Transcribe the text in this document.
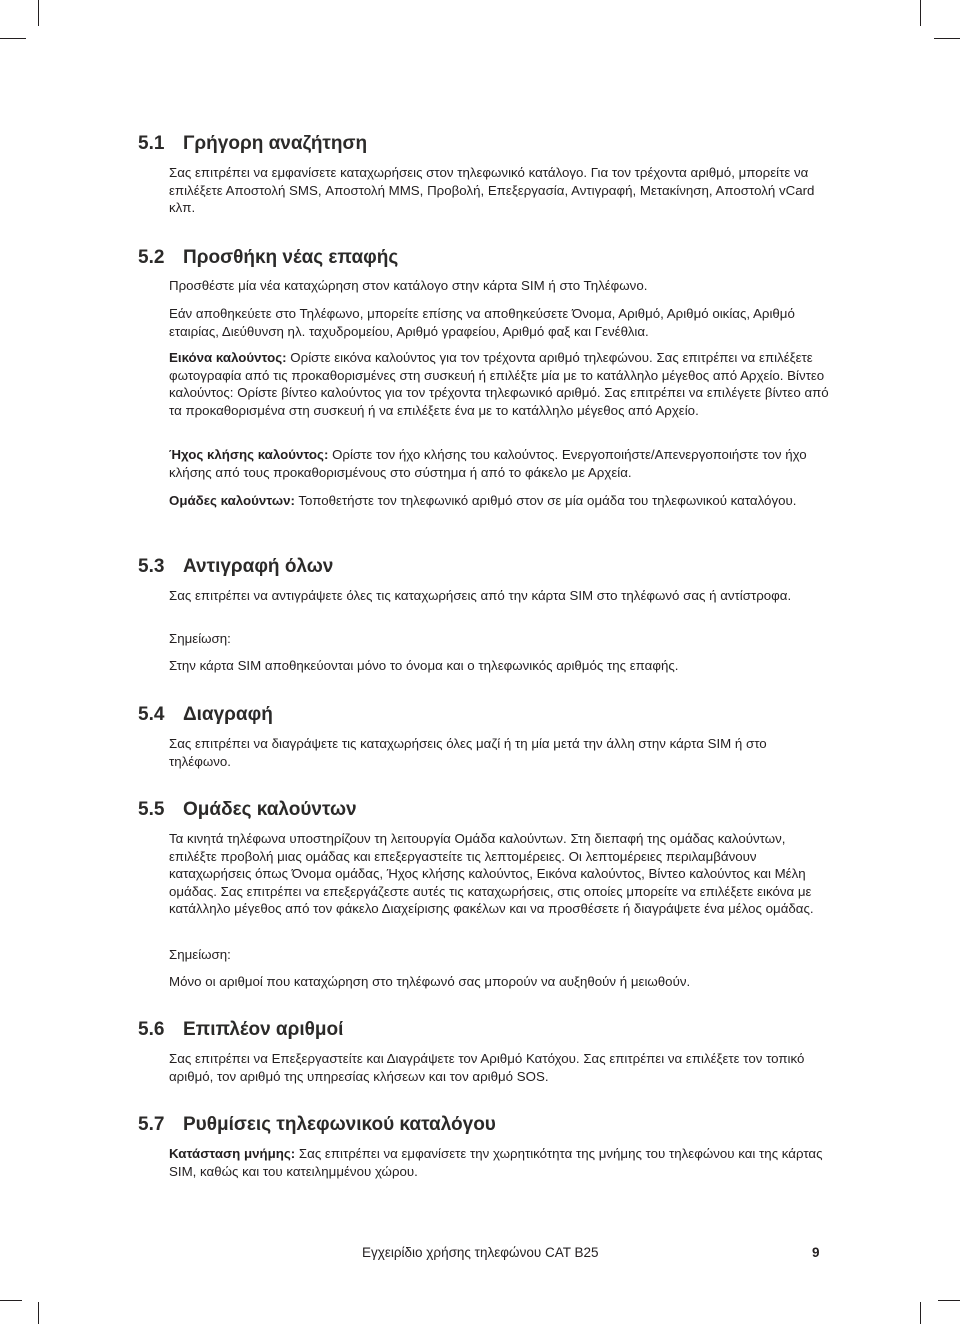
5.1 Γρήγορη αναζήτηση

Σας επιτρέπει να εμφανίσετε καταχωρήσεις στον τηλεφωνικό κατάλογο. Για τον τρέχοντα αριθμό, μπορείτε να επιλέξετε Αποστολή SMS, Αποστολή MMS, Προβολή, Επεξεργασία, Αντιγραφή, Μετακίνηση, Αποστολή vCard κλπ.

5.2 Προσθήκη νέας επαφής

Προσθέστε μία νέα καταχώρηση στον κατάλογο στην κάρτα SIM ή στο Τηλέφωνο.

Εάν αποθηκεύετε στο Τηλέφωνο, μπορείτε επίσης να αποθηκεύσετε Όνομα, Αριθμό, Αριθμό οικίας, Αριθμό εταιρίας, Διεύθυνση ηλ. ταχυδρομείου, Αριθμό γραφείου, Αριθμό φαξ και Γενέθλια.

Εικόνα καλούντος: Ορίστε εικόνα καλούντος για τον τρέχοντα αριθμό τηλεφώνου. Σας επιτρέπει να επιλέξετε φωτογραφία από τις προκαθορισμένες στη συσκευή ή επιλέξτε μία με το κατάλληλο μέγεθος από Αρχείο. Βίντεο καλούντος: Ορίστε βίντεο καλούντος για τον τρέχοντα τηλεφωνικό αριθμό. Σας επιτρέπει να επιλέγετε βίντεο από τα προκαθορισμένα στη συσκευή ή να επιλέξετε ένα με το κατάλληλο μέγεθος από Αρχείο.

Ήχος κλήσης καλούντος: Ορίστε τον ήχο κλήσης του καλούντος. Ενεργοποιήστε/Απενεργοποιήστε τον ήχο κλήσης από τους προκαθορισμένους στο σύστημα ή από το φάκελο με Αρχεία.

Ομάδες καλούντων: Τοποθετήστε τον τηλεφωνικό αριθμό στον σε μία ομάδα του τηλεφωνικού καταλόγου.

5.3 Αντιγραφή όλων

Σας επιτρέπει να αντιγράψετε όλες τις καταχωρήσεις από την κάρτα SIM στο τηλέφωνό σας ή αντίστροφα.

Σημείωση:

Στην κάρτα SIM αποθηκεύονται μόνο το όνομα και ο τηλεφωνικός αριθμός της επαφής.

5.4 Διαγραφή

Σας επιτρέπει να διαγράψετε τις καταχωρήσεις όλες μαζί ή τη μία μετά την άλλη στην κάρτα SIM ή στο τηλέφωνο.

5.5 Ομάδες καλούντων

Τα κινητά τηλέφωνα υποστηρίζουν τη λειτουργία Ομάδα καλούντων. Στη διεπαφή της ομάδας καλούντων, επιλέξτε προβολή μιας ομάδας και επεξεργαστείτε τις λεπτομέρειες. Οι λεπτομέρειες περιλαμβάνουν καταχωρήσεις όπως Όνομα ομάδας, Ήχος κλήσης καλούντος, Εικόνα καλούντος, Βίντεο καλούντος και Μέλη ομάδας. Σας επιτρέπει να επεξεργάζεστε αυτές τις καταχωρήσεις, στις οποίες μπορείτε να επιλέξετε εικόνα με κατάλληλο μέγεθος από τον φάκελο Διαχείρισης φακέλων και να προσθέσετε ή διαγράψετε ένα μέλος ομάδας.

Σημείωση:

Μόνο οι αριθμοί που καταχώρηση στο τηλέφωνό σας μπορούν να αυξηθούν ή μειωθούν.

5.6 Επιπλέον αριθμοί

Σας επιτρέπει να Επεξεργαστείτε και Διαγράψετε τον Αριθμό Κατόχου. Σας επιτρέπει να επιλέξετε τον τοπικό αριθμό, τον αριθμό της υπηρεσίας κλήσεων και τον αριθμό SOS.

5.7 Ρυθμίσεις τηλεφωνικού καταλόγου

Κατάσταση μνήμης: Σας επιτρέπει να εμφανίσετε την χωρητικότητα της μνήμης του τηλεφώνου και της κάρτας SIM, καθώς και του κατειλημμένου χώρου.

Εγχειρίδιο χρήσης τηλεφώνου CAT B25	9
